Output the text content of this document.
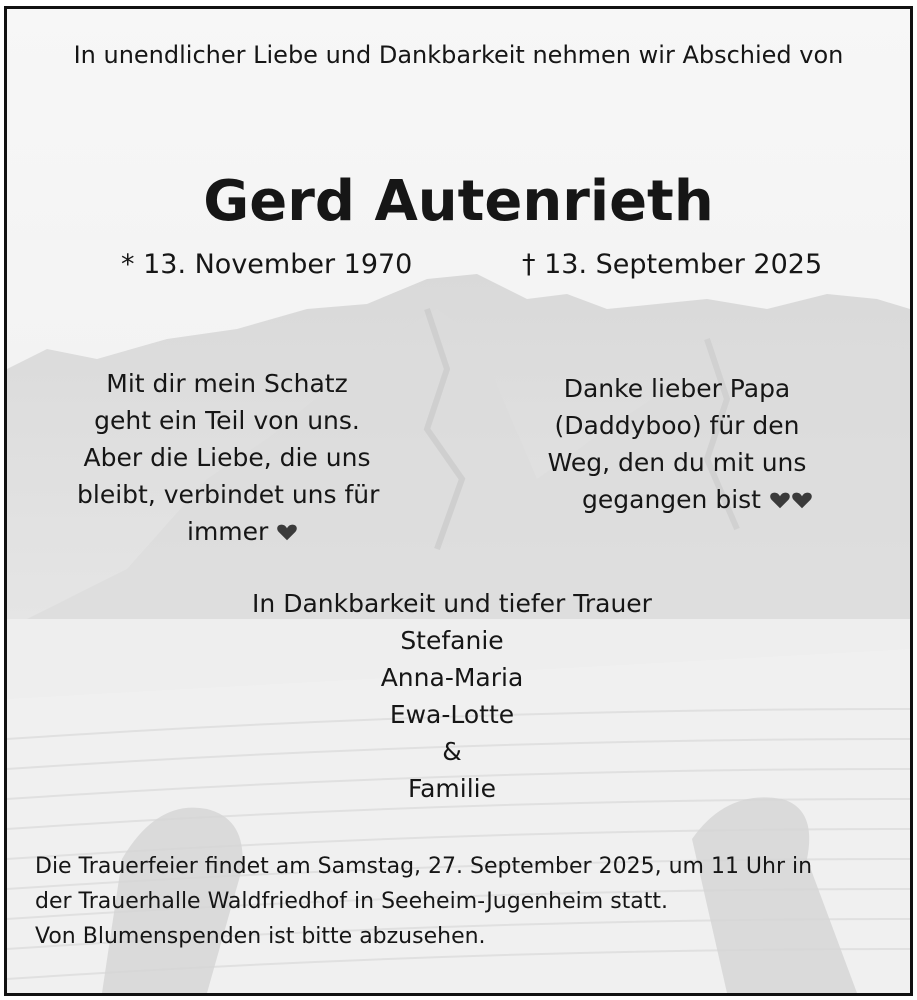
In unendlicher Liebe und Dankbarkeit nehmen wir Abschied von
Gerd Autenrieth
* 13. November 1970	† 13. September 2025
Mit dir mein Schatz
geht ein Teil von uns.
Aber die Liebe, die uns
bleibt, verbindet uns für
immer
Danke lieber Papa
(Daddyboo) für den
Weg, den du mit uns
gegangen bist
In Dankbarkeit und tiefer Trauer
Stefanie
Anna-Maria
Ewa-Lotte
&
Familie
Die Trauerfeier findet am Samstag, 27. September 2025, um 11 Uhr in
der Trauerhalle Waldfriedhof in Seeheim-Jugenheim statt.
Von Blumenspenden ist bitte abzusehen.
